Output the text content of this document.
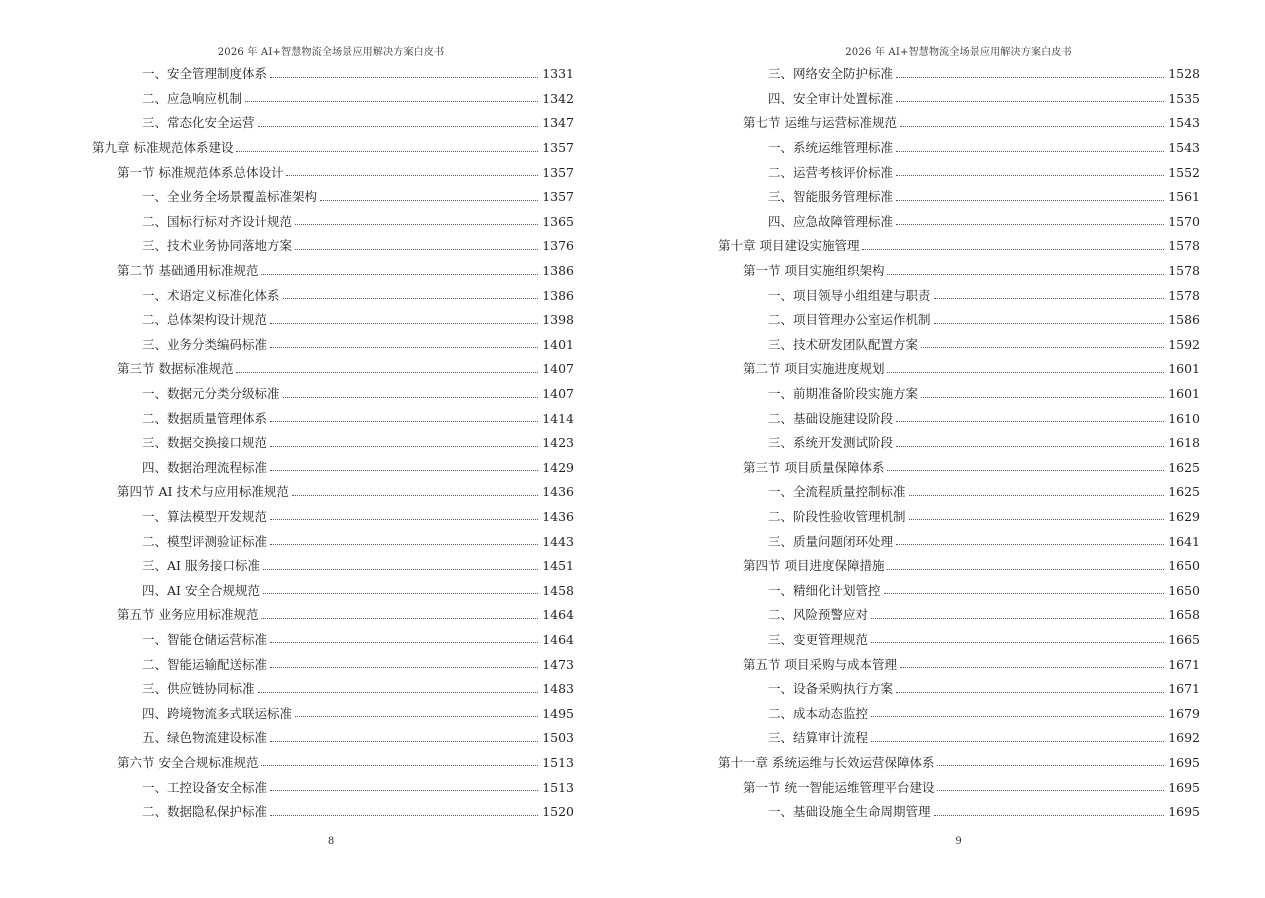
2026 年 AI+智慧物流全场景应用解决方案白皮书
一、安全管理制度体系	1331
二、应急响应机制	1342
三、常态化安全运营	1347
第九章 标准规范体系建设	1357
第一节 标准规范体系总体设计	1357
一、全业务全场景覆盖标准架构	1357
二、国标行标对齐设计规范	1365
三、技术业务协同落地方案	1376
第二节 基础通用标准规范	1386
一、术语定义标准化体系	1386
二、总体架构设计规范	1398
三、业务分类编码标准	1401
第三节 数据标准规范	1407
一、数据元分类分级标准	1407
二、数据质量管理体系	1414
三、数据交换接口规范	1423
四、数据治理流程标准	1429
第四节 AI 技术与应用标准规范	1436
一、算法模型开发规范	1436
二、模型评测验证标准	1443
三、AI 服务接口标准	1451
四、AI 安全合规规范	1458
第五节 业务应用标准规范	1464
一、智能仓储运营标准	1464
二、智能运输配送标准	1473
三、供应链协同标准	1483
四、跨境物流多式联运标准	1495
五、绿色物流建设标准	1503
第六节 安全合规标准规范	1513
一、工控设备安全标准	1513
二、数据隐私保护标准	1520
8
2026 年 AI+智慧物流全场景应用解决方案白皮书
三、网络安全防护标准	1528
四、安全审计处置标准	1535
第七节 运维与运营标准规范	1543
一、系统运维管理标准	1543
二、运营考核评价标准	1552
三、智能服务管理标准	1561
四、应急故障管理标准	1570
第十章 项目建设实施管理	1578
第一节 项目实施组织架构	1578
一、项目领导小组组建与职责	1578
二、项目管理办公室运作机制	1586
三、技术研发团队配置方案	1592
第二节 项目实施进度规划	1601
一、前期准备阶段实施方案	1601
二、基础设施建设阶段	1610
三、系统开发测试阶段	1618
第三节 项目质量保障体系	1625
一、全流程质量控制标准	1625
二、阶段性验收管理机制	1629
三、质量问题闭环处理	1641
第四节 项目进度保障措施	1650
一、精细化计划管控	1650
二、风险预警应对	1658
三、变更管理规范	1665
第五节 项目采购与成本管理	1671
一、设备采购执行方案	1671
二、成本动态监控	1679
三、结算审计流程	1692
第十一章 系统运维与长效运营保障体系	1695
第一节 统一智能运维管理平台建设	1695
一、基础设施全生命周期管理	1695
9
